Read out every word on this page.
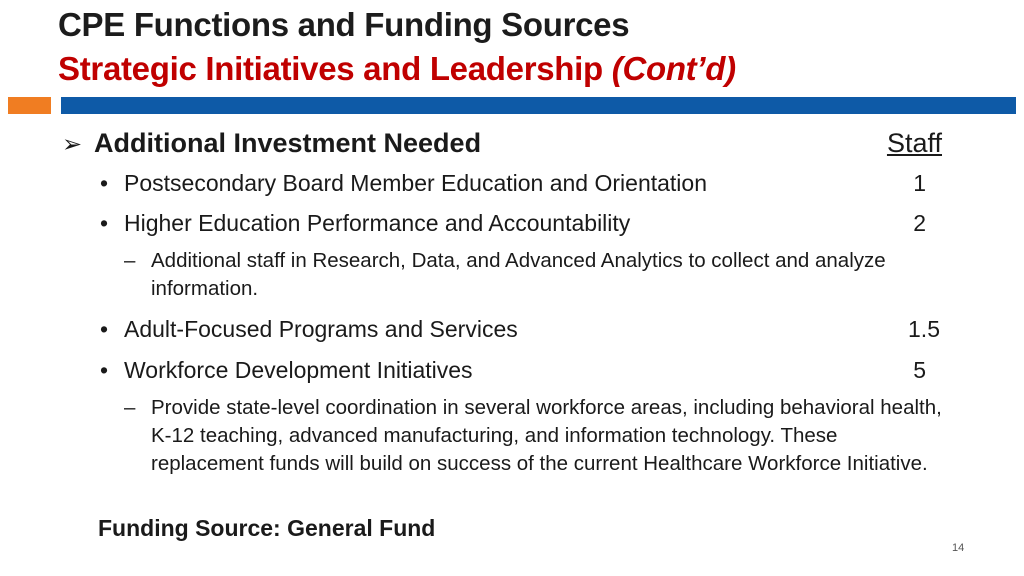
CPE Functions and Funding Sources
Strategic Initiatives and Leadership (Cont’d)
➢ Additional Investment Needed	Staff
• Postsecondary Board Member Education and Orientation	1
• Higher Education Performance and Accountability	2
– Additional staff in Research, Data, and Advanced Analytics to collect and analyze information.
• Adult-Focused Programs and Services	1.5
• Workforce Development Initiatives	5
– Provide state-level coordination in several workforce areas, including behavioral health, K-12 teaching, advanced manufacturing, and information technology. These replacement funds will build on success of the current Healthcare Workforce Initiative.
Funding Source: General Fund
14
